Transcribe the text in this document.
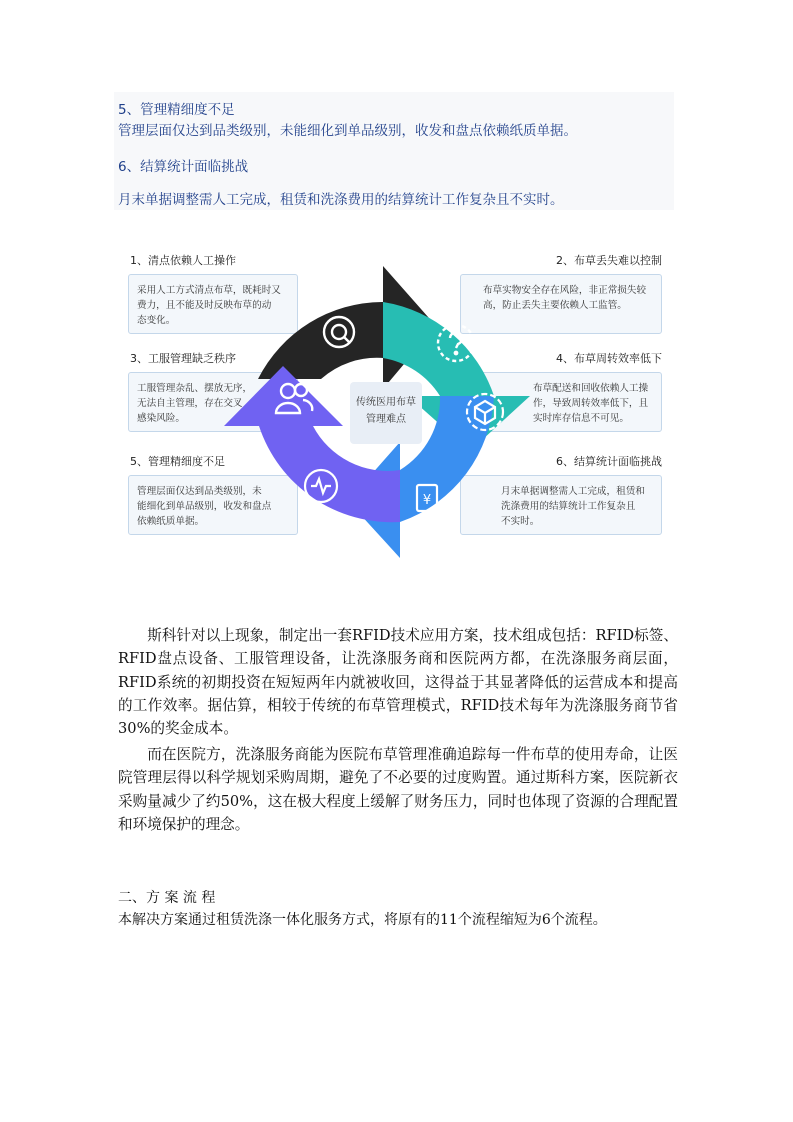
5、管理精细度不足
管理层面仅达到品类级别，未能细化到单品级别，收发和盘点依赖纸质单据。
6、结算统计面临挑战
月末单据调整需人工完成，租赁和洗涤费用的结算统计工作复杂且不实时。
1、清点依赖人工操作
采用人工方式清点布草，既耗时又
费力，且不能及时反映布草的动
态变化。
3、工服管理缺乏秩序
工服管理杂乱、摆放无序，
无法自主管理，存在交叉
感染风险。
5、管理精细度不足
管理层面仅达到品类级别，未
能细化到单品级别，收发和盘点
依赖纸质单据。
2、布草丢失难以控制
布草实物安全存在风险，非正常损失较
高，防止丢失主要依赖人工监管。
4、布草周转效率低下
布草配送和回收依赖人工操
作，导致周转效率低下，且
实时库存信息不可见。
6、结算统计面临挑战
月末单据调整需人工完成，租赁和
洗涤费用的结算统计工作复杂且
不实时。
¥
传统医用布草
管理难点

斯科针对以上现象，制定出一套RFID技术应用方案，技术组成包括：RFID标签、RFID盘点设备、工服管理设备，让洗涤服务商和医院两方都，在洗涤服务商层面，RFID系统的初期投资在短短两年内就被收回，这得益于其显著降低的运营成本和提高的工作效率。据估算，相较于传统的布草管理模式，RFID技术每年为洗涤服务商节省30%的奖金成本。

而在医院方，洗涤服务商能为医院布草管理准确追踪每一件布草的使用寿命，让医院管理层得以科学规划采购周期，避免了不必要的过度购置。通过斯科方案，医院新衣采购量减少了约50%，这在极大程度上缓解了财务压力，同时也体现了资源的合理配置和环境保护的理念。

二、方 案 流 程
本解决方案通过租赁洗涤一体化服务方式，将原有的11个流程缩短为6个流程。
